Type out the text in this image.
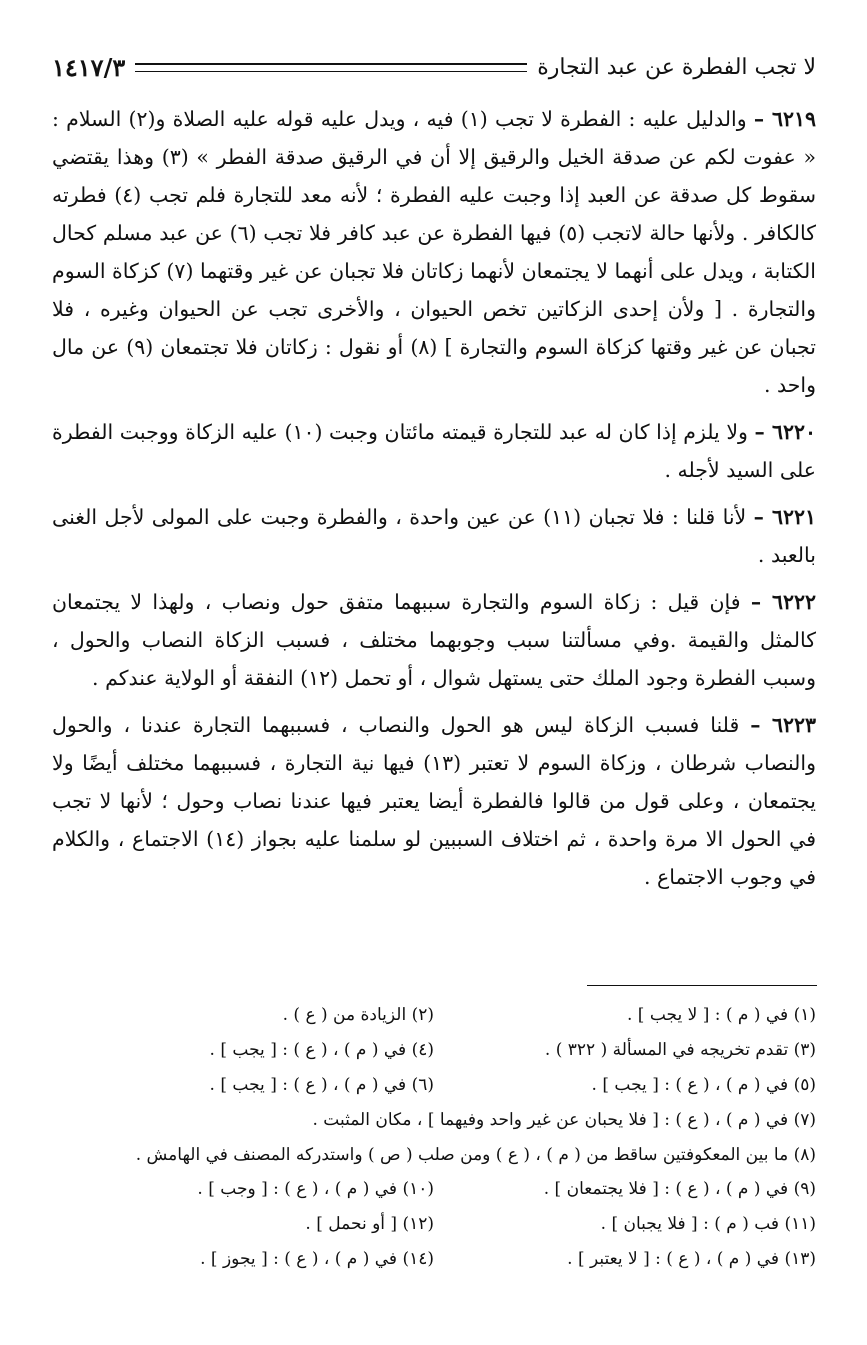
لا تجب الفطرة عن عبد التجارة
١٤١٧/٣

٦٢١٩ – والدليل عليه : الفطرة لا تجب (١) فيه ، ويدل عليه قوله عليه الصلاة و(٢) السلام : « عفوت لكم عن صدقة الخيل والرقيق إلا أن في الرقيق صدقة الفطر » (٣) وهذا يقتضي سقوط كل صدقة عن العبد إذا وجبت عليه الفطرة ؛ لأنه معد للتجارة فلم تجب (٤) فطرته كالكافر . ولأنها حالة لاتجب (٥) فيها الفطرة عن عبد كافر فلا تجب (٦) عن عبد مسلم كحال الكتابة ، ويدل على أنهما لا يجتمعان لأنهما زكاتان فلا تجبان عن غير وقتهما (٧) كزكاة السوم والتجارة . [ ولأن إحدى الزكاتين تخص الحيوان ، والأخرى تجب عن الحيوان وغيره ، فلا تجبان عن غير وقتها كزكاة السوم والتجارة ] (٨) أو نقول : زكاتان فلا تجتمعان (٩) عن مال واحد .

٦٢٢٠ – ولا يلزم إذا كان له عبد للتجارة قيمته مائتان وجبت (١٠) عليه الزكاة ووجبت الفطرة على السيد لأجله .

٦٢٢١ – لأنا قلنا : فلا تجبان (١١) عن عين واحدة ، والفطرة وجبت على المولى لأجل الغنى بالعبد .

٦٢٢٢ – فإن قيل : زكاة السوم والتجارة سببهما متفق حول ونصاب ، ولهذا لا يجتمعان كالمثل والقيمة .وفي مسألتنا سبب وجوبهما مختلف ، فسبب الزكاة النصاب والحول ، وسبب الفطرة وجود الملك حتى يستهل شوال ، أو تحمل (١٢) النفقة أو الولاية عندكم .

٦٢٢٣ – قلنا فسبب الزكاة ليس هو الحول والنصاب ، فسببهما التجارة عندنا ، والحول والنصاب شرطان ، وزكاة السوم لا تعتبر (١٣) فيها نية التجارة ، فسببهما مختلف أيضًا ولا يجتمعان ، وعلى قول من قالوا فالفطرة أيضا يعتبر فيها عندنا نصاب وحول ؛ لأنها لا تجب في الحول الا مرة واحدة ، ثم اختلاف السببين لو سلمنا عليه بجواز (١٤) الاجتماع ، والكلام في وجوب الاجتماع .

(١) في ( م ) : [ لا يجب ] .
(٢) الزيادة من ( ع ) .
(٣) تقدم تخريجه في المسألة ( ٣٢٢ ) .
(٤) في ( م ) ، ( ع ) : [ يجب ] .
(٥) في ( م ) ، ( ع ) : [ يجب ] .
(٦) في ( م ) ، ( ع ) : [ يجب ] .
(٧) في ( م ) ، ( ع ) : [ فلا يحبان عن غير واحد وفيهما ] ، مكان المثبت .
(٨) ما بين المعكوفتين ساقط من ( م ) ، ( ع ) ومن صلب ( ص ) واستدركه المصنف في الهامش .
(٩) في ( م ) ، ( ع ) : [ فلا يجتمعان ] .
(١٠) في ( م ) ، ( ع ) : [ وجب ] .
(١١) فب ( م ) : [ فلا يجبان ] .
(١٢) [ أو نحمل ] .
(١٣) في ( م ) ، ( ع ) : [ لا يعتبر ] .
(١٤) في ( م ) ، ( ع ) : [ يجوز ] .
